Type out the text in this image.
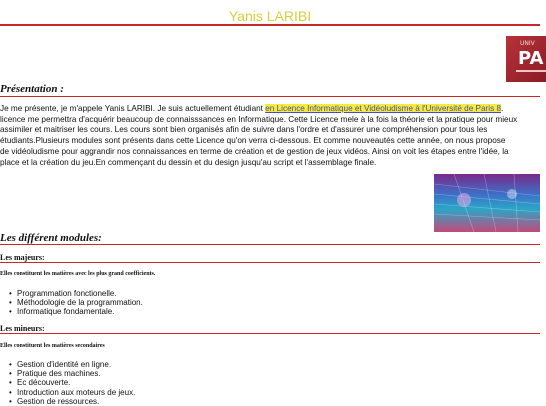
Yanis LARIBI
UNIV
PA
Présentation :
Je me présente, je m'appele Yanis LARIBI. Je suis actuellement étudiant en Licence Informatique et Vidéoludisme à l'Université de Paris 8.
licence me permettra d'acquérir beaucoup de connaisssances en Informatique. Cette Licence mele à la fois la théorie et la pratique pour mieux
assimiler et maitriser les cours. Les cours sont bien organisés afin de suivre dans l'ordre et d'assurer une compréhension pour tous les
étudiants.Plusieurs modules sont présents dans cette Licence qu'on verra ci-dessous. Et comme nouveautés cette année, on nous propose
de vidéoludisme pour aggrandir nos connaissances en terme de création et de gestion de jeux vidéos. Ainsi on voit les étapes entre l'idée, la
place et la création du jeu.En commençant du dessin et du design jusqu'au script et l'assemblage finale.
Les différent modules:
Les majeurs:
Elles constituent les matières avec les plus grand coefficients.
• Programmation fonctionelle.
• Méthodologie de la programmation.
• Informatique fondamentale.
Les mineurs:
Elles constituent les matières secondaires
• Gestion d'identité en ligne.
• Pratique des machines.
• Ec découverte.
• Introduction aux moteurs de jeux.
• Gestion de ressources.
